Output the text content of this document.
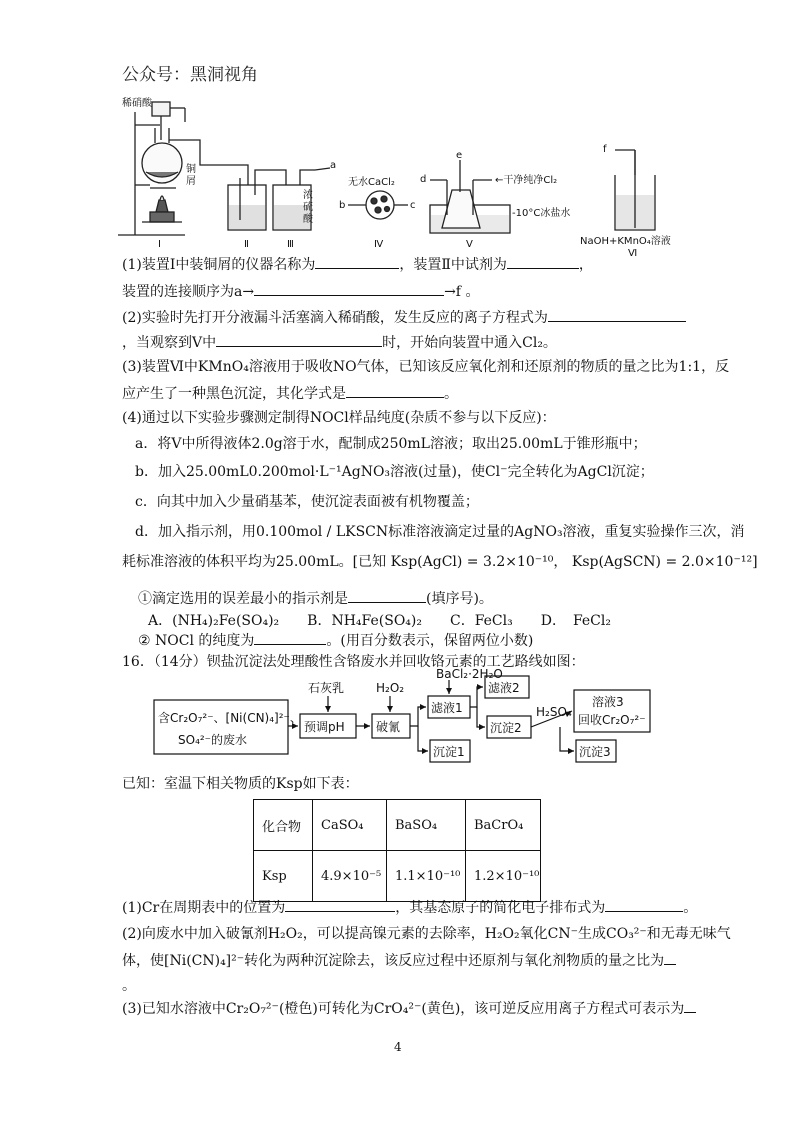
公众号：黑洞视角
稀硝酸
铜
屑
a
浓
硫
酸
无水CaCl₂
b	c
d
e
←干净纯净Cl₂
-10°C冰盐水
f
NaOH+KMnO₄溶液
Ⅰ	Ⅱ	Ⅲ	Ⅳ	Ⅴ
Ⅵ
(1)装置Ⅰ中装铜屑的仪器名称为	，装置Ⅱ中试剂为	，
装置的连接顺序为a→	→f 。
(2)实验时先打开分液漏斗活塞滴入稀硝酸，发生反应的离子方程式为
，当观察到Ⅴ中	时，开始向装置中通入Cl₂。
(3)装置Ⅵ中KMnO₄溶液用于吸收NO气体，已知该反应氧化剂和还原剂的物质的量之比为1:1，反
应产生了一种黑色沉淀，其化学式是	。
(4)通过以下实验步骤测定制得NOCl样品纯度(杂质不参与以下反应)：
a．将Ⅴ中所得液体2.0g溶于水，配制成250mL溶液；取出25.00mL于锥形瓶中；
b．加入25.00mL0.200mol·L⁻¹AgNO₃溶液(过量)，使Cl⁻完全转化为AgCl沉淀；
c．向其中加入少量硝基苯，使沉淀表面被有机物覆盖；
d．加入指示剂，用0.100mol / LKSCN标准溶液滴定过量的AgNO₃溶液，重复实验操作三次，消
耗标准溶液的体积平均为25.00mL。[已知 Ksp(AgCl) = 3.2×10⁻¹⁰， Ksp(AgSCN) = 2.0×10⁻¹²]
①滴定选用的误差最小的指示剂是	(填序号)。
A．(NH₄)₂Fe(SO₄)₂　　B．NH₄Fe(SO₄)₂　　C．FeCl₃　　D．　FeCl₂
② NOCl 的纯度为	。(用百分数表示，保留两位小数)
16．（14分）钡盐沉淀法处理酸性含铬废水并回收铬元素的工艺路线如图：
含Cr₂O₇²⁻、[Ni(CN)₄]²⁻、
SO₄²⁻的废水
石灰乳
预调pH
H₂O₂
破氰
BaCl₂·2H₂O
滤液1
滤液2
沉淀1
沉淀2
H₂SO₄
溶液3
回收Cr₂O₇²⁻
沉淀3
已知：室温下相关物质的Ksp如下表：
化合物	CaSO₄	BaSO₄	BaCrO₄
Ksp	4.9×10⁻⁵	1.1×10⁻¹⁰	1.2×10⁻¹⁰
(1)Cr在周期表中的位置为	，其基态原子的简化电子排布式为	。
(2)向废水中加入破氰剂H₂O₂，可以提高镍元素的去除率，H₂O₂氧化CN⁻生成CO₃²⁻和无毒无味气
体，使[Ni(CN)₄]²⁻转化为两种沉淀除去，该反应过程中还原剂与氧化剂物质的量之比为
。
(3)已知水溶液中Cr₂O₇²⁻(橙色)可转化为CrO₄²⁻(黄色)，该可逆反应用离子方程式可表示为
4
